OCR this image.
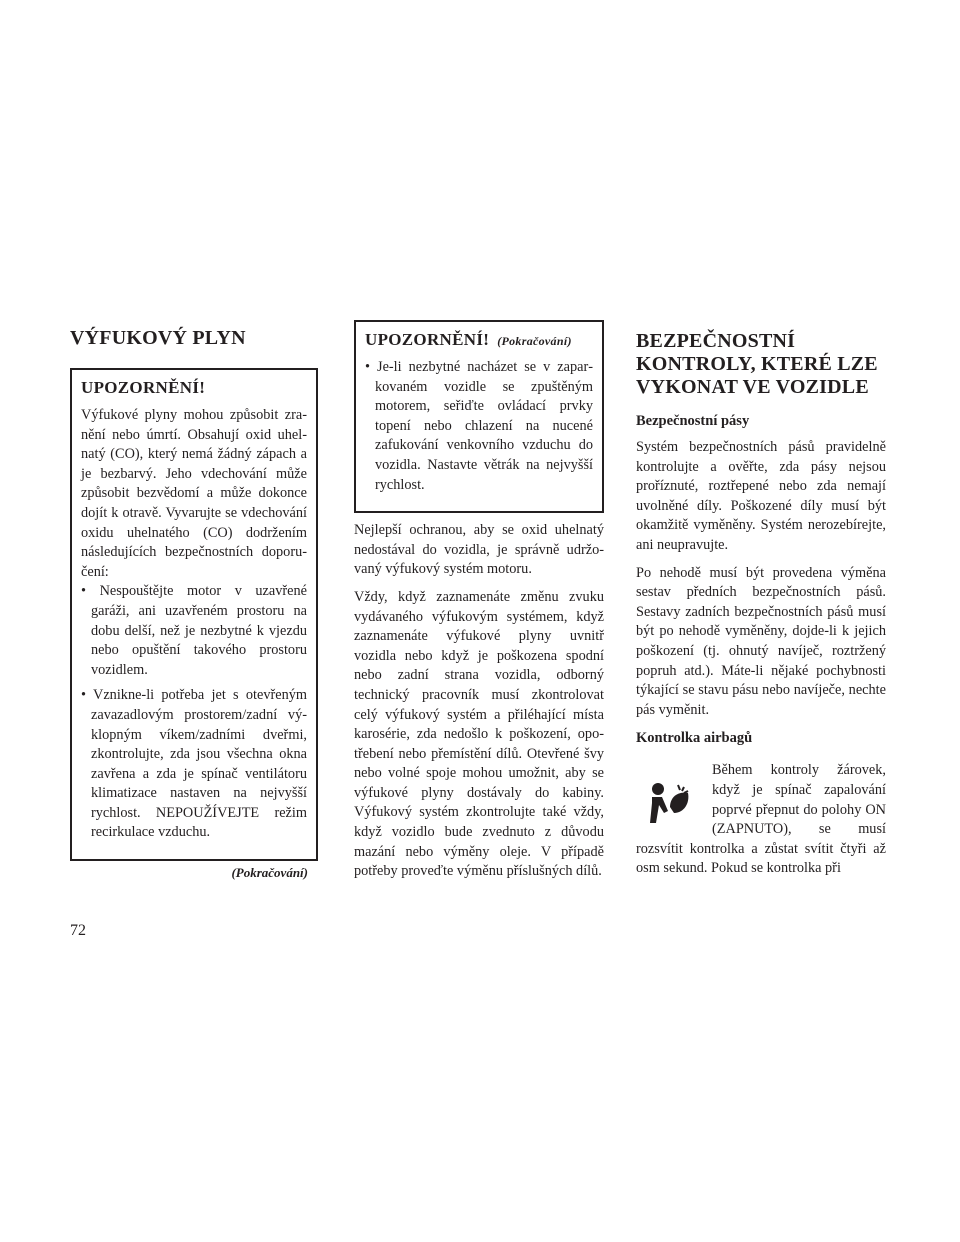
VÝFUKOVÝ PLYN
UPOZORNĚNÍ!

Výfukové plyny mohou způsobit zranění nebo úmrtí. Obsahují oxid uhelnatý (CO), který nemá žádný zápach a je bezbarvý. Jeho vdechování může způsobit bezvědomí a může dokonce dojít k otravě. Vyvarujte se vdechování oxidu uhelnatého (CO) dodržením následujících bezpečnostních doporučení:

• Nespouštějte motor v uzavřené garáži, ani uzavřeném prostoru na dobu delší, než je nezbytné k vjezdu nebo opuštění takového prostoru vozidlem.
• Vznikne-li potřeba jet s otevřeným zavazadlovým prostorem/zadní výklopným víkem/zadními dveřmi, zkontrolujte, zda jsou všechna okna zavřena a zda je spínač ventilátoru klimatizace nastaven na nejvyšší rychlost. NEPOUŽÍVEJTE režim recirkulace vzduchu.
(Pokračování)
UPOZORNĚNÍ! (Pokračování)
• Je-li nezbytné nacházet se v zaparkovaném vozidle se zpuštěným motorem, seřiďte ovládací prvky topení nebo chlazení na nucené zafukování venkovního vzduchu do vozidla. Nastavte větrák na nejvyšší rychlost.

Nejlepší ochranou, aby se oxid uhelnatý nedostával do vozidla, je správně udržovaný výfukový systém motoru.

Vždy, když zaznamenáte změnu zvuku vydávaného výfukovým systémem, když zaznamenáte výfukové plyny uvnitř vozidla nebo když je poškozena spodní nebo zadní strana vozidla, odborný technický pracovník musí zkontrolovat celý výfukový systém a přiléhající místa karosérie, zda nedošlo k poškození, opotřebení nebo přemístění dílů. Otevřené švy nebo volné spoje mohou umožnit, aby se výfukové plyny dostávaly do kabiny. Výfukový systém zkontrolujte také vždy, když vozidlo bude zvednuto z důvodu mazání nebo výměny oleje. V případě potřeby proveďte výměnu příslušných dílů.

BEZPEČNOSTNÍ
KONTROLY, KTERÉ LZE
VYKONAT VE VOZIDLE
Bezpečnostní pásy

Systém bezpečnostních pásů pravidelně kontrolujte a ověřte, zda pásy nejsou proříznuté, roztřepené nebo zda nemají uvolněné díly. Poškozené díly musí být okamžitě vyměněny. Systém nerozebírejte, ani neupravujte.

Po nehodě musí být provedena výměna sestav předních bezpečnostních pásů. Sestavy zadních bezpečnostních pásů musí být po nehodě vyměněny, dojde-li k jejich poškození (tj. ohnutý navíječ, roztržený popruh atd.). Máte-li nějaké pochybnosti týkající se stavu pásu nebo navíječe, nechte pás vyměnit.

Kontrolka airbagů

Během kontroly žárovek, když je spínač zapalování poprvé přepnut do polohy ON (ZAPNUTO), se musí rozsvítit kontrolka a zůstat svítit čtyři až osm sekund. Pokud se kontrolka při

72
